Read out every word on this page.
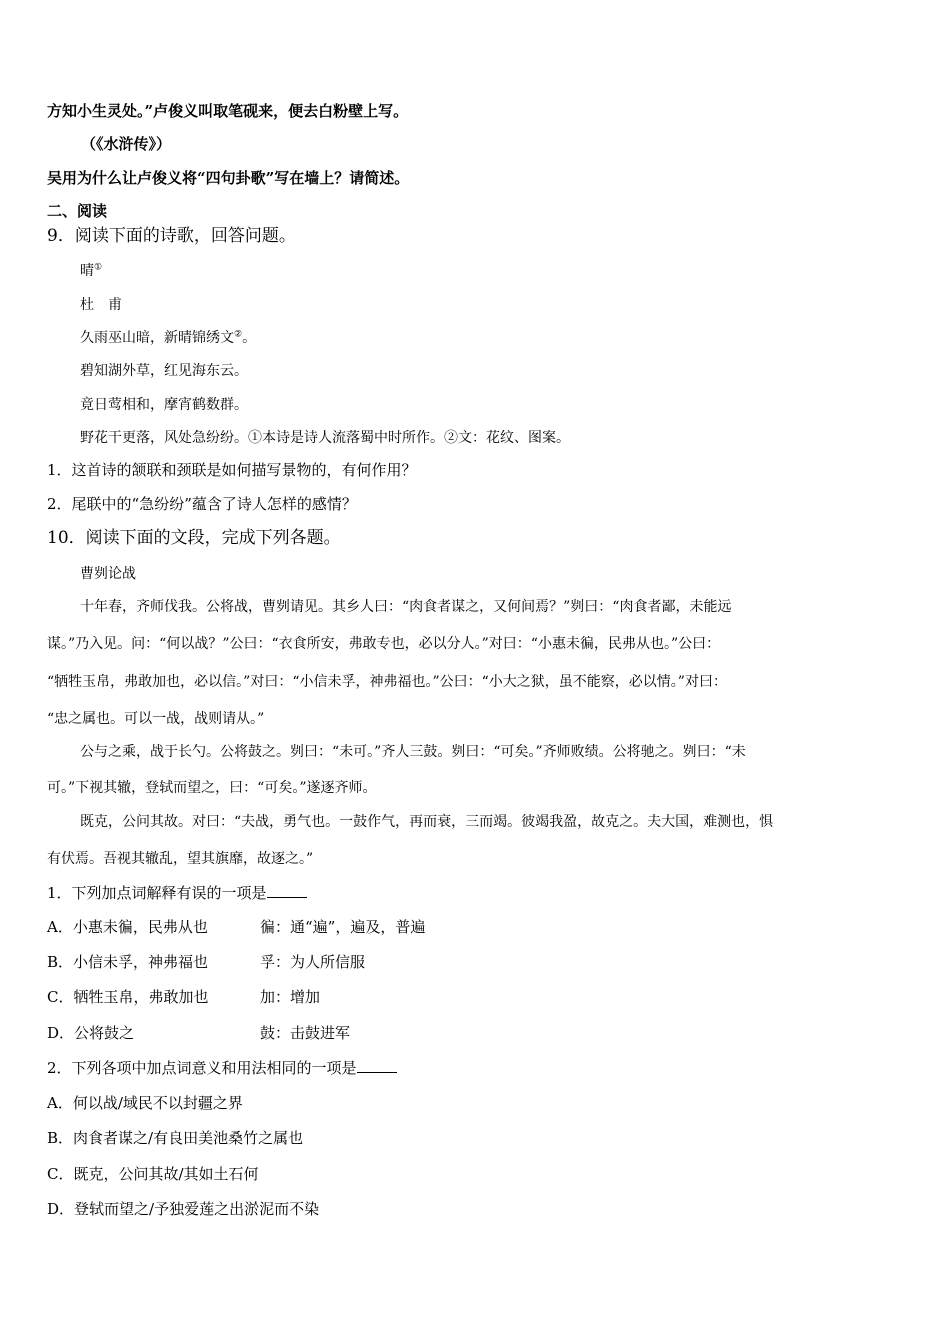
方知小生灵处。”卢俊义叫取笔砚来，便去白粉壁上写。
（《水浒传》）
吴用为什么让卢俊义将“四句卦歌”写在墙上？请简述。
二、阅读
9．阅读下面的诗歌，回答问题。
晴①
杜　甫
久雨巫山暗，新晴锦绣文②。
碧知湖外草，红见海东云。
竟日莺相和，摩宵鹤数群。
野花干更落，风处急纷纷。①本诗是诗人流落蜀中时所作。②文：花纹、图案。
1．这首诗的颔联和颈联是如何描写景物的，有何作用？
2．尾联中的“急纷纷”蕴含了诗人怎样的感情？
10．阅读下面的文段，完成下列各题。
曹刿论战
十年春，齐师伐我。公将战，曹刿请见。其乡人曰：“肉食者谋之，又何间焉？”刿曰：“肉食者鄙，未能远
谋。”乃入见。问：“何以战？”公曰：“衣食所安，弗敢专也，必以分人。”对曰：“小惠未徧，民弗从也。”公曰：
“牺牲玉帛，弗敢加也，必以信。”对曰：“小信未孚，神弗福也。”公曰：“小大之狱，虽不能察，必以情。”对曰：
“忠之属也。可以一战，战则请从。”
公与之乘，战于长勺。公将鼓之。刿曰：“未可。”齐人三鼓。刿曰：“可矣。”齐师败绩。公将驰之。刿曰：“未
可。”下视其辙，登轼而望之，曰：“可矣。”遂逐齐师。
既克，公问其故。对曰：“夫战，勇气也。一鼓作气，再而衰，三而竭。彼竭我盈，故克之。夫大国，难测也，惧
有伏焉。吾视其辙乱，望其旗靡，故逐之。”
1．下列加点词解释有误的一项是
A．小惠未徧，民弗从也	徧：通“遍”，遍及，普遍
B．小信未孚，神弗福也	孚：为人所信服
C．牺牲玉帛，弗敢加也	加：增加
D．公将鼓之	鼓：击鼓进军
2．下列各项中加点词意义和用法相同的一项是
A．何以战/域民不以封疆之界
B．肉食者谋之/有良田美池桑竹之属也
C．既克，公问其故/其如土石何
D．登轼而望之/予独爱莲之出淤泥而不染
